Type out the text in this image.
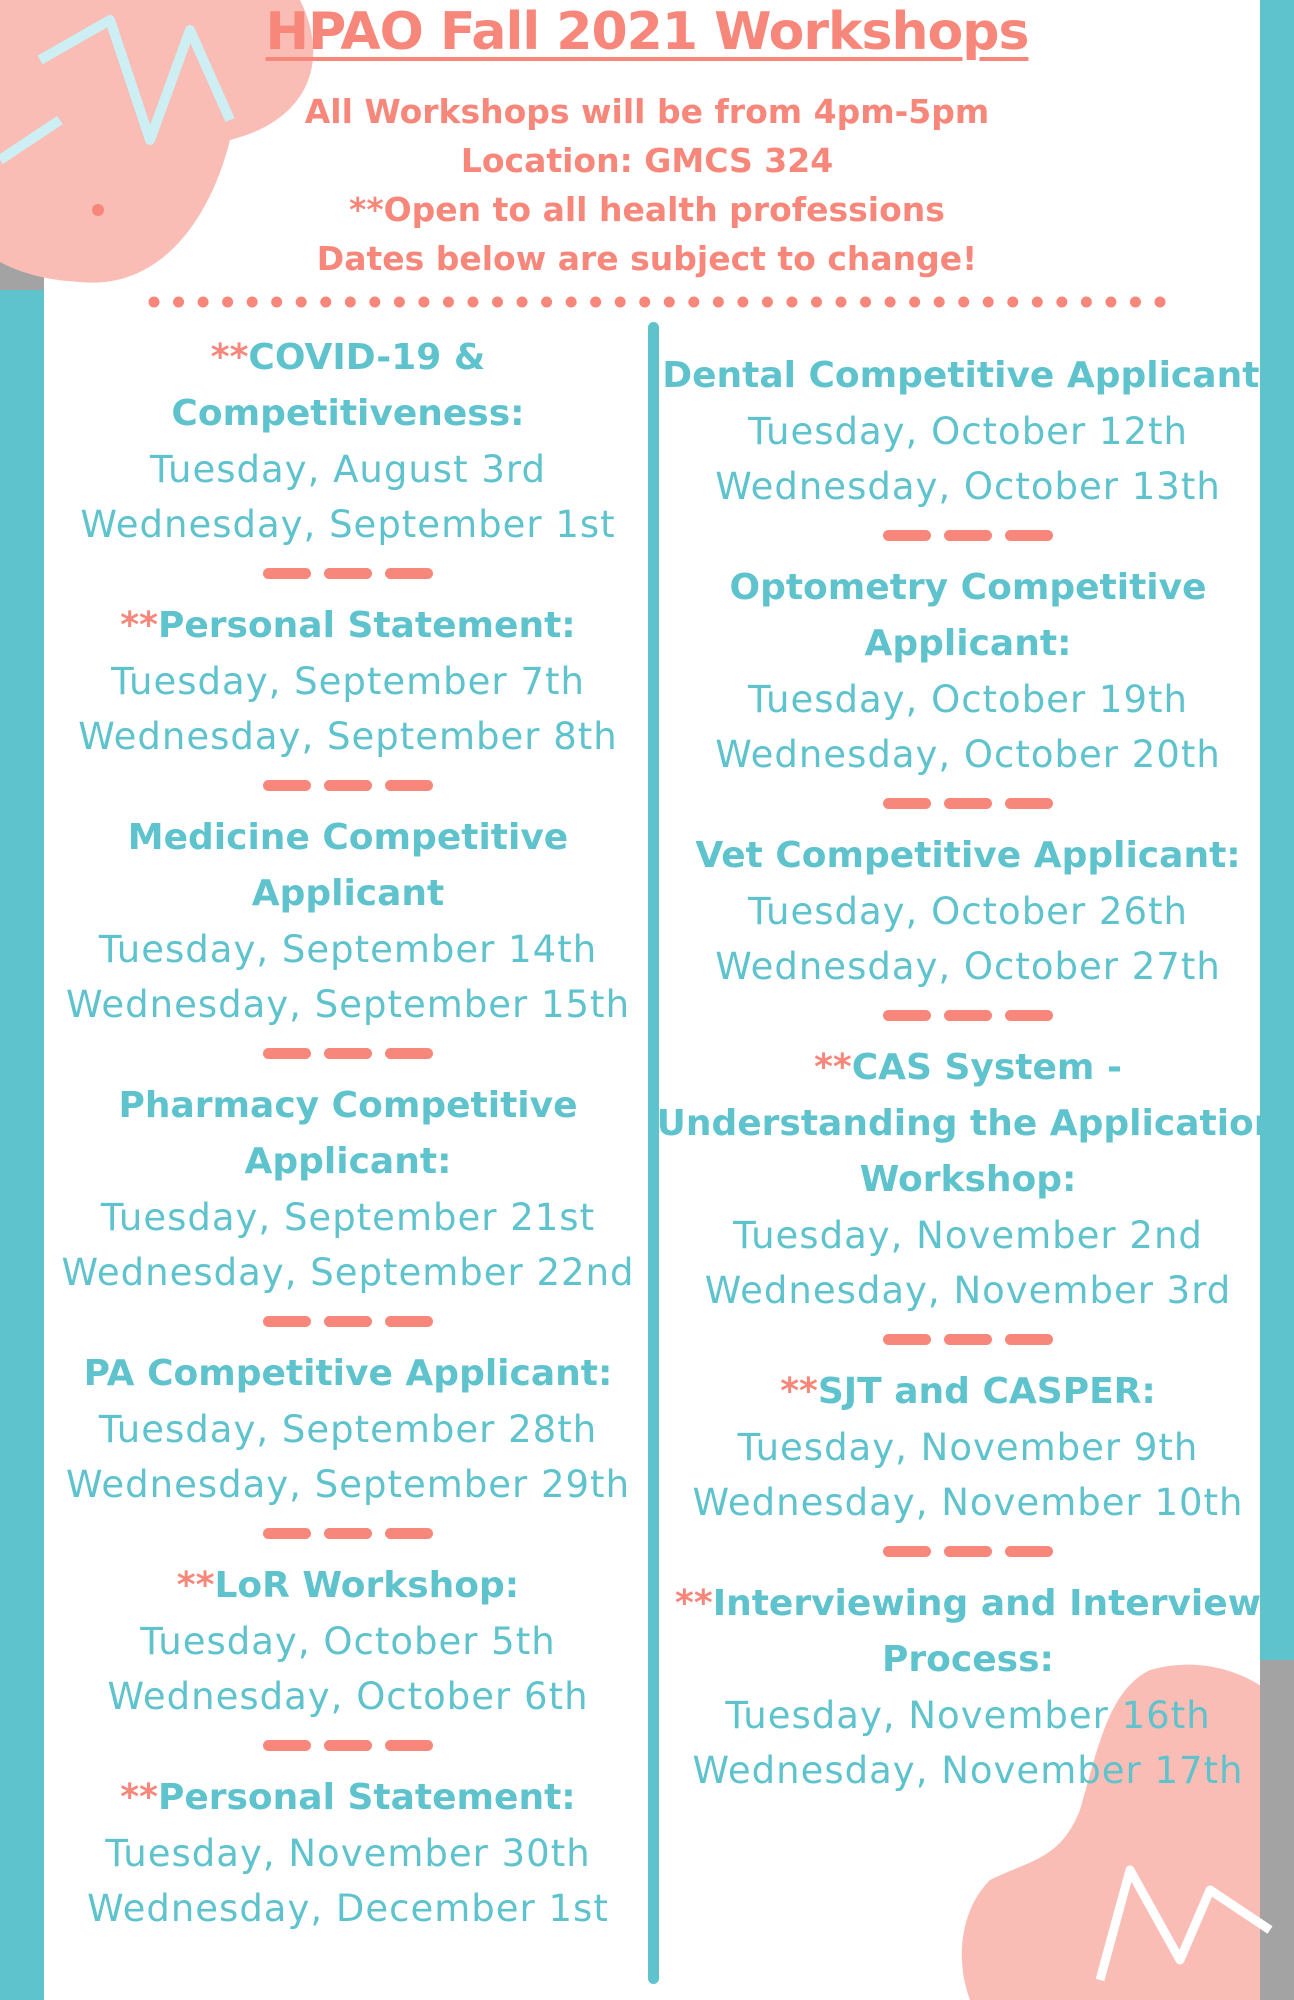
HPAO Fall 2021 Workshops
All Workshops will be from 4pm-5pm
Location: GMCS 324
**Open to all health professions
Dates below are subject to change!
**COVID-19 &
Competitiveness:
Tuesday, August 3rd
Wednesday, September 1st
**Personal Statement:
Tuesday, September 7th
Wednesday, September 8th
Medicine Competitive
Applicant
Tuesday, September 14th
Wednesday, September 15th
Pharmacy Competitive
Applicant:
Tuesday, September 21st
Wednesday, September 22nd
PA Competitive Applicant:
Tuesday, September 28th
Wednesday, September 29th
**LoR Workshop:
Tuesday, October 5th
Wednesday, October 6th
**Personal Statement:
Tuesday, November 30th
Wednesday, December 1st
Dental Competitive Applicant:
Tuesday, October 12th
Wednesday, October 13th
Optometry Competitive
Applicant:
Tuesday, October 19th
Wednesday, October 20th
Vet Competitive Applicant:
Tuesday, October 26th
Wednesday, October 27th
**CAS System -
Understanding the Application
Workshop:
Tuesday, November 2nd
Wednesday, November 3rd
**SJT and CASPER:
Tuesday, November 9th
Wednesday, November 10th
**Interviewing and Interview
Process:
Tuesday, November 16th
Wednesday, November 17th
